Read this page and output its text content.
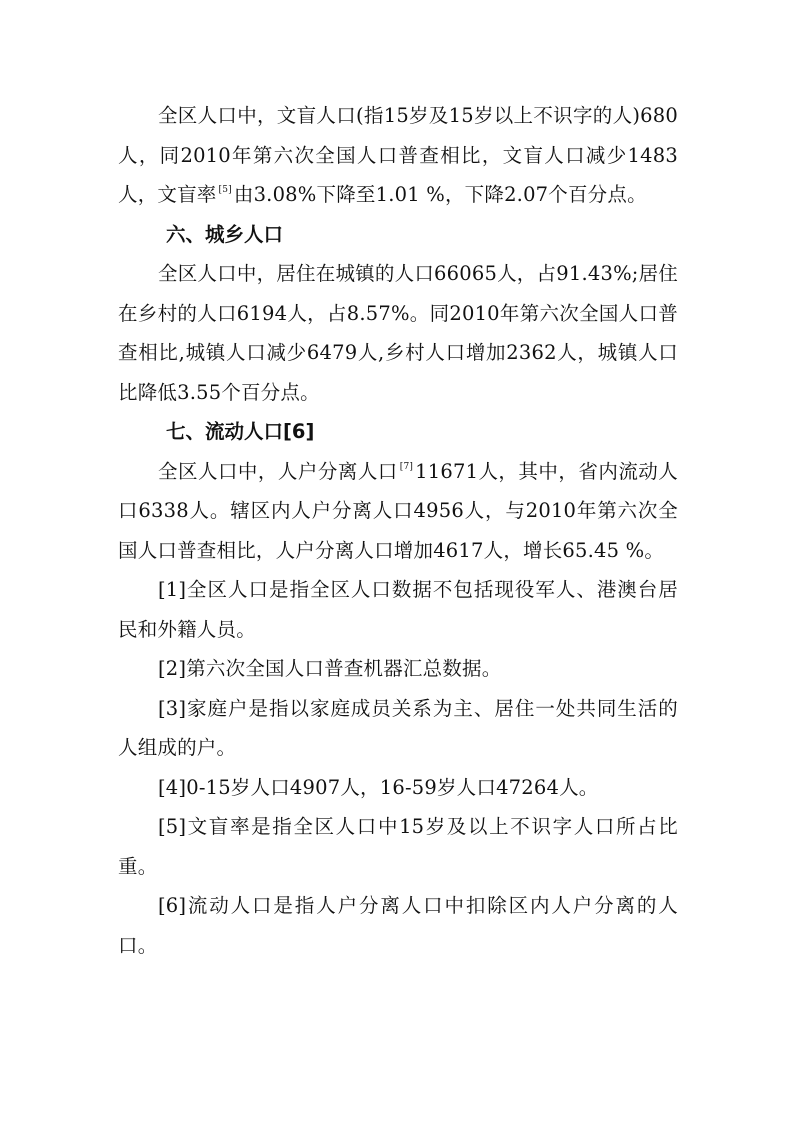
全区人口中，文盲人口(指15岁及15岁以上不识字的人)680人，同2010年第六次全国人口普查相比，文盲人口减少1483人，文盲率 [5] 由3.08%下降至1.01 %，下降2.07个百分点。

六、城乡人口

全区人口中，居住在城镇的人口66065人，占91.43%;居住在乡村的人口6194人，占8.57%。同2010年第六次全国人口普查相比,城镇人口减少6479人,乡村人口增加2362人，城镇人口比降低3.55个百分点。

七、流动人口[6]

全区人口中，人户分离人口 [7] 11671人，其中，省内流动人口6338人。辖区内人户分离人口4956人，与2010年第六次全国人口普查相比，人户分离人口增加4617人，增长65.45 %。

[1]全区人口是指全区人口数据不包括现役军人、港澳台居民和外籍人员。

[2]第六次全国人口普查机器汇总数据。

[3]家庭户是指以家庭成员关系为主、居住一处共同生活的人组成的户。

[4]0-15岁人口4907人，16-59岁人口47264人。

[5]文盲率是指全区人口中15岁及以上不识字人口所占比重。

[6]流动人口是指人户分离人口中扣除区内人户分离的人口。
